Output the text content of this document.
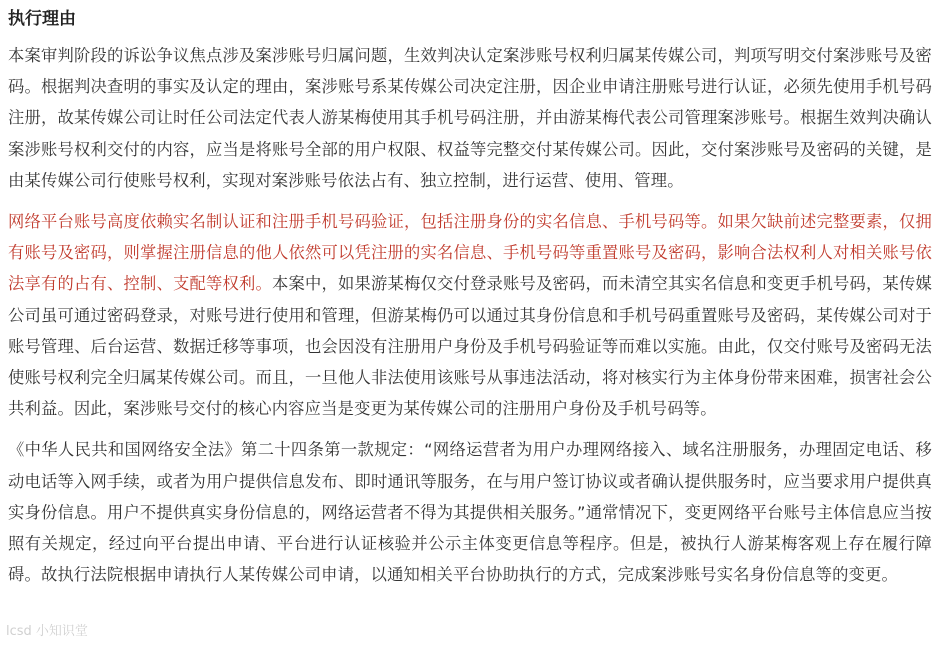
执行理由

本案审判阶段的诉讼争议焦点涉及案涉账号归属问题，生效判决认定案涉账号权利归属某传媒公司，判项写明交付案涉账号及密码。根据判决查明的事实及认定的理由，案涉账号系某传媒公司决定注册，因企业申请注册账号进行认证，必须先使用手机号码注册，故某传媒公司让时任公司法定代表人游某梅使用其手机号码注册，并由游某梅代表公司管理案涉账号。根据生效判决确认案涉账号权利交付的内容，应当是将账号全部的用户权限、权益等完整交付某传媒公司。因此，交付案涉账号及密码的关键，是由某传媒公司行使账号权利，实现对案涉账号依法占有、独立控制，进行运营、使用、管理。

网络平台账号高度依赖实名制认证和注册手机号码验证，包括注册身份的实名信息、手机号码等。如果欠缺前述完整要素，仅拥有账号及密码，则掌握注册信息的他人依然可以凭注册的实名信息、手机号码等重置账号及密码，影响合法权利人对相关账号依法享有的占有、控制、支配等权利。本案中，如果游某梅仅交付登录账号及密码，而未清空其实名信息和变更手机号码，某传媒公司虽可通过密码登录，对账号进行使用和管理，但游某梅仍可以通过其身份信息和手机号码重置账号及密码，某传媒公司对于账号管理、后台运营、数据迁移等事项，也会因没有注册用户身份及手机号码验证等而难以实施。由此，仅交付账号及密码无法使账号权利完全归属某传媒公司。而且，一旦他人非法使用该账号从事违法活动，将对核实行为主体身份带来困难，损害社会公共利益。因此，案涉账号交付的核心内容应当是变更为某传媒公司的注册用户身份及手机号码等。

《中华人民共和国网络安全法》第二十四条第一款规定：“网络运营者为用户办理网络接入、域名注册服务，办理固定电话、移动电话等入网手续，或者为用户提供信息发布、即时通讯等服务，在与用户签订协议或者确认提供服务时，应当要求用户提供真实身份信息。用户不提供真实身份信息的，网络运营者不得为其提供相关服务。”通常情况下，变更网络平台账号主体信息应当按照有关规定，经过向平台提出申请、平台进行认证核验并公示主体变更信息等程序。但是，被执行人游某梅客观上存在履行障碍。故执行法院根据申请执行人某传媒公司申请，以通知相关平台协助执行的方式，完成案涉账号实名身份信息等的变更。

lcsd 小知识堂
